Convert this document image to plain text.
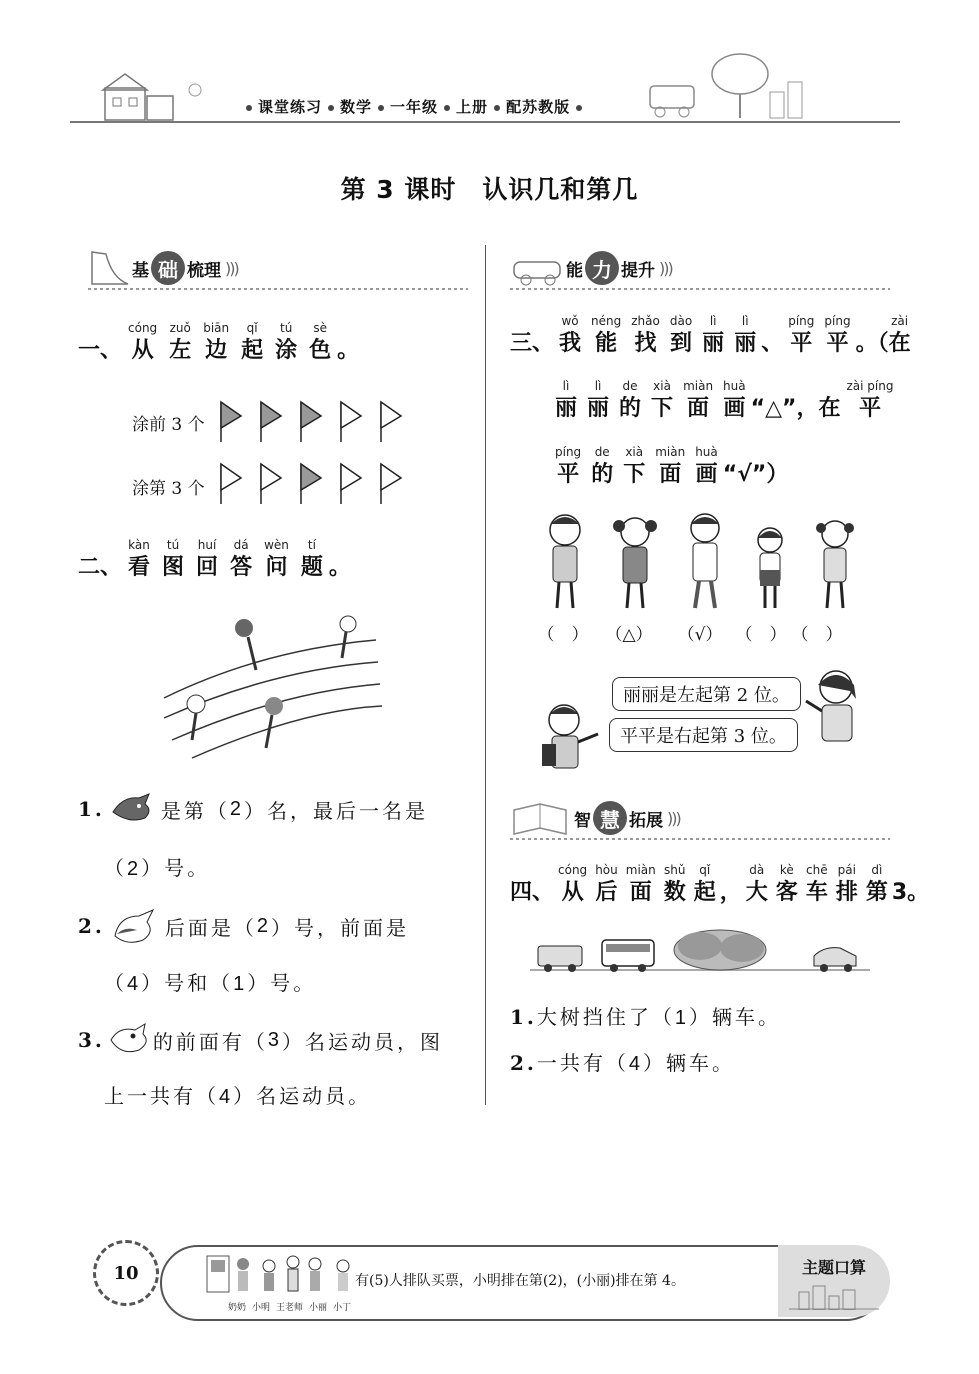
课堂练习 数学 一年级 上册 配苏教版
第 3 课时　认识几和第几
基 础 梳 理 )))
一、
cóng
从
zuǒ
左
biān
边
qǐ
起
tú
涂
sè
色 。
涂前 3 个
涂第 3 个
二、
kàn
看
tú
图
huí
回
dá
答
wèn
问
tí
题 。
1.	是第（ 2 ）名，最后一名是
（2）号。
2.	后面是（ 2 ）号，前面是
（4）号和（1）号。
3. 的前面有（ 3 ）名运动员，图
上一共有（4）名运动员。
能 力 提 升 )))
三、
wǒ
我
néng
能
zhǎo
找
dào
到
lì
丽
lì
丽 、
píng
平
píng
平 。（
zài
在
lì
丽
lì
丽
de
的
xià
下
miàn
面
huà
画 “△”，在
zài píng
平
píng
平
de
的
xià
下
miàn
面
huà
画 “√”）
（　） （△） （√） （　） （　）
丽丽是左起第 2 位。
平平是右起第 3 位。
智 慧 拓 展 )))
四、
cóng
从
hòu
后
miàn
面
shǔ
数
qǐ
起 ，
dà
大
kè
客
chē
车
pái
排
dì
第 3。
1.大树挡住了（1）辆车。
2.一共有（4）辆车。
10
奶奶 小明 王老师 小丽 小丁
有(5)人排队买票，小明排在第(2)，(小丽)排在第 4。
主题口算
